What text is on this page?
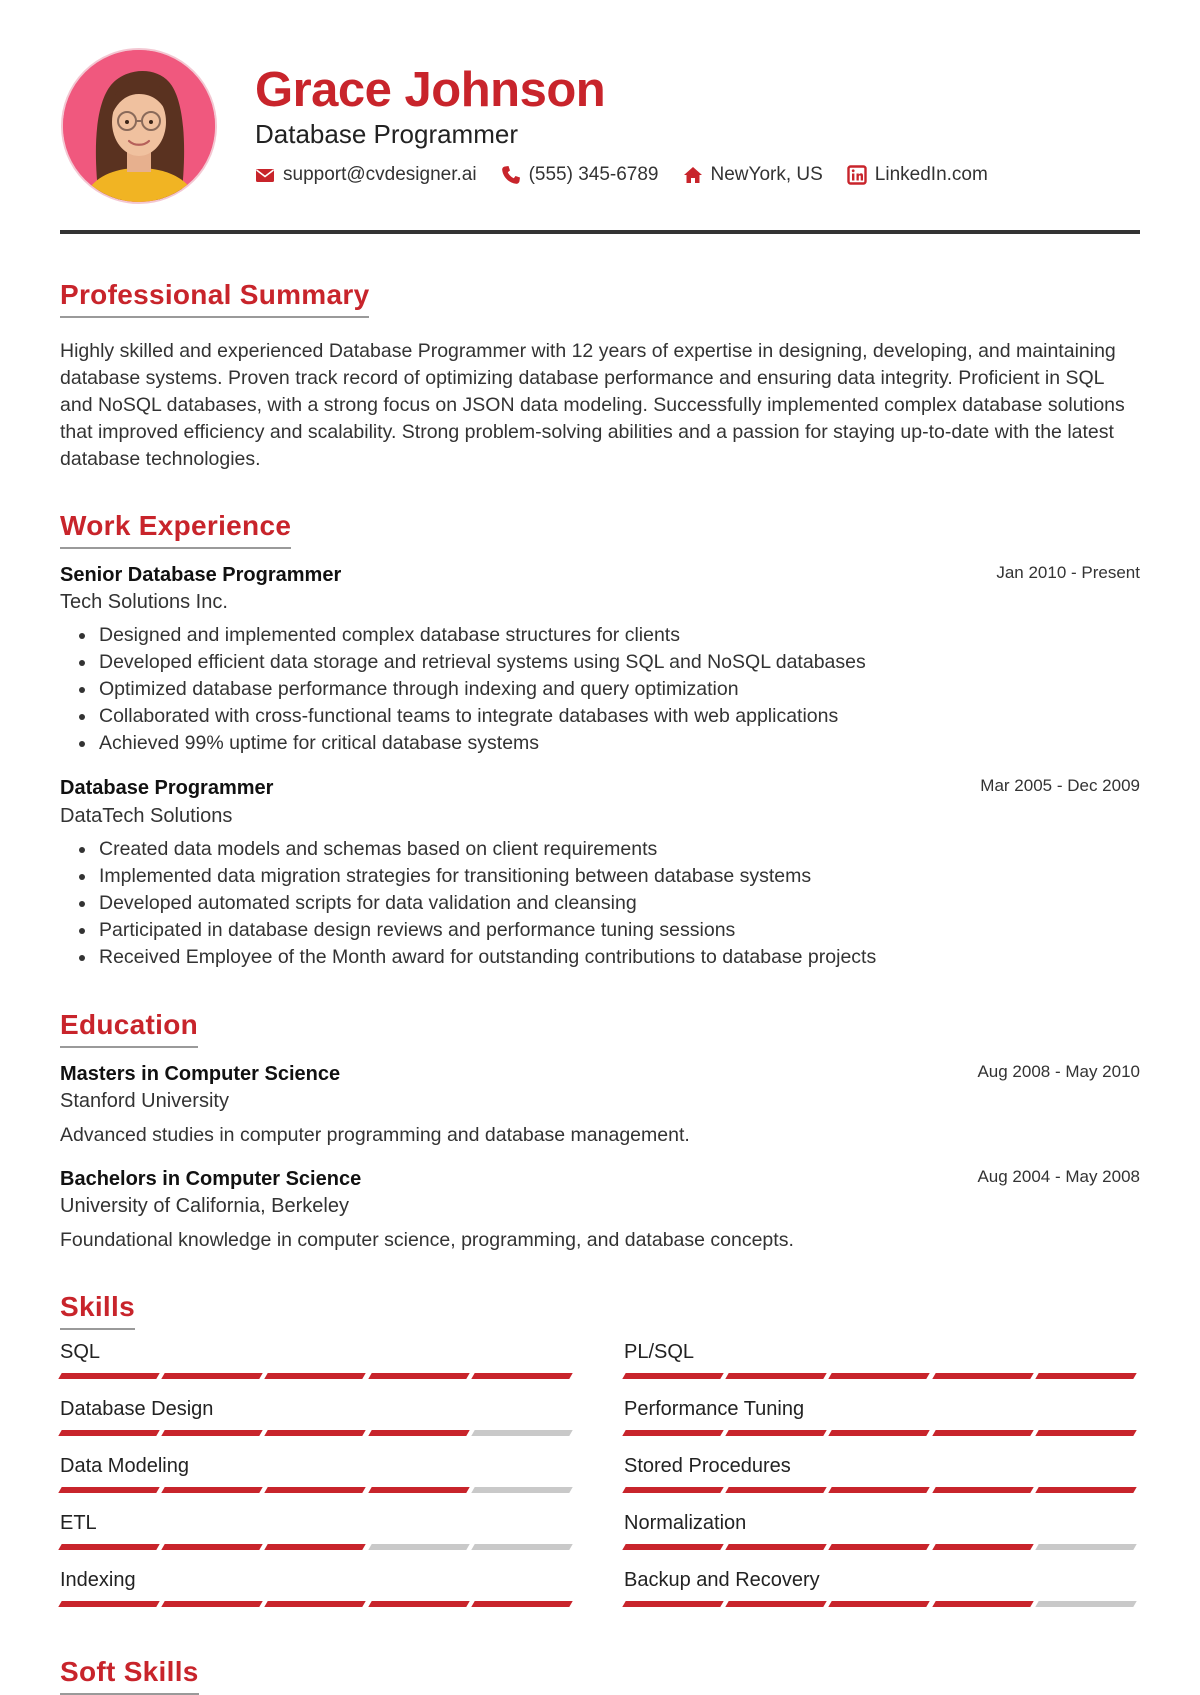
Grace Johnson

Database Programmer

support@cvdesigner.ai	(555) 345-6789	NewYork, US	LinkedIn.com
Professional Summary

Highly skilled and experienced Database Programmer with 12 years of expertise in designing, developing, and maintaining database systems. Proven track record of optimizing database performance and ensuring data integrity. Proficient in SQL and NoSQL databases, with a strong focus on JSON data modeling. Successfully implemented complex database solutions that improved efficiency and scalability. Strong problem-solving abilities and a passion for staying up-to-date with the latest database technologies.

Work Experience
Senior Database Programmer	Jan 2010 - Present

Tech Solutions Inc.

• Designed and implemented complex database structures for clients
• Developed efficient data storage and retrieval systems using SQL and NoSQL databases
• Optimized database performance through indexing and query optimization
• Collaborated with cross-functional teams to integrate databases with web applications
• Achieved 99% uptime for critical database systems
Database Programmer	Mar 2005 - Dec 2009

DataTech Solutions

• Created data models and schemas based on client requirements
• Implemented data migration strategies for transitioning between database systems
• Developed automated scripts for data validation and cleansing
• Participated in database design reviews and performance tuning sessions
• Received Employee of the Month award for outstanding contributions to database projects
Education
Masters in Computer Science	Aug 2008 - May 2010

Stanford University

Advanced studies in computer programming and database management.

Bachelors in Computer Science	Aug 2004 - May 2008

University of California, Berkeley

Foundational knowledge in computer science, programming, and database concepts.

Skills

SQL	PL/SQL

Database Design	Performance Tuning

Data Modeling	Stored Procedures

ETL	Normalization

Indexing	Backup and Recovery

Soft Skills
